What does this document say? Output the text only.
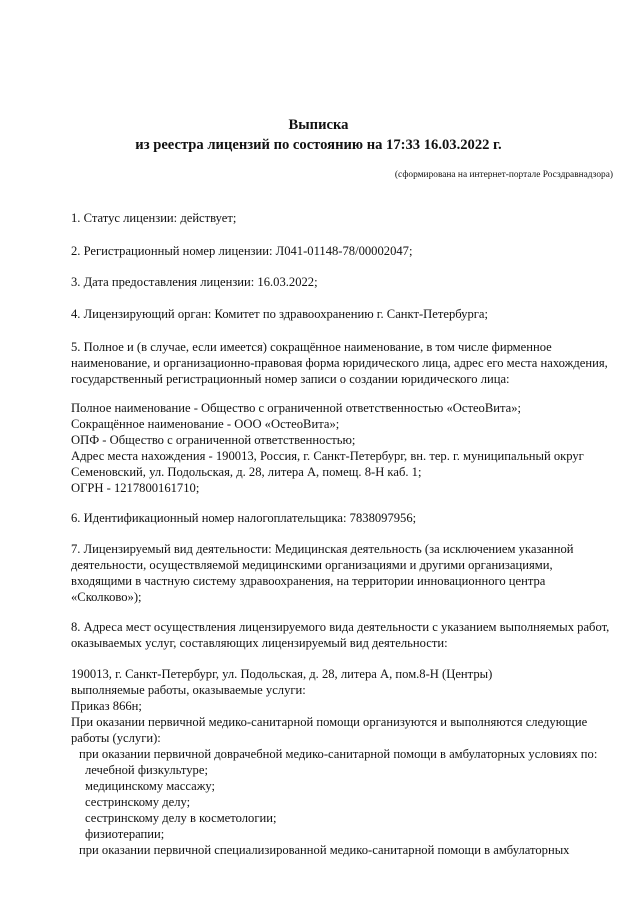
Выписка
из реестра лицензий по состоянию на 17:33 16.03.2022 г.
(сформирована на интернет-портале Росздравнадзора)

1. Статус лицензии: действует;

2. Регистрационный номер лицензии: Л041-01148-78/00002047;

3. Дата предоставления лицензии: 16.03.2022;

4. Лицензирующий орган: Комитет по здравоохранению г. Санкт-Петербурга;

5. Полное и (в случае, если имеется) сокращённое наименование, в том числе фирменное наименование, и организационно-правовая форма юридического лица, адрес его места нахождения, государственный регистрационный номер записи о создании юридического лица:

Полное наименование - Общество с ограниченной ответственностью «ОстеоВита»;
Сокращённое наименование - ООО «ОстеоВита»;
ОПФ - Общество с ограниченной ответственностью;
Адрес места нахождения - 190013, Россия, г. Санкт-Петербург, вн. тер. г. муниципальный округ Семеновский, ул. Подольская, д. 28, литера А, помещ. 8-Н каб. 1;
ОГРН - 1217800161710;

6. Идентификационный номер налогоплательщика: 7838097956;

7. Лицензируемый вид деятельности: Медицинская деятельность (за исключением указанной деятельности, осуществляемой медицинскими организациями и другими организациями, входящими в частную систему здравоохранения, на территории инновационного центра «Сколково»);

8. Адреса мест осуществления лицензируемого вида деятельности с указанием выполняемых работ, оказываемых услуг, составляющих лицензируемый вид деятельности:

190013, г. Санкт-Петербург, ул. Подольская, д. 28, литера А, пом.8-Н (Центры)
выполняемые работы, оказываемые услуги:
Приказ 866н;
При оказании первичной медико-санитарной помощи организуются и выполняются следующие работы (услуги):
при оказании первичной доврачебной медико-санитарной помощи в амбулаторных условиях по:
лечебной физкультуре;
медицинскому массажу;
сестринскому делу;
сестринскому делу в косметологии;
физиотерапии;
при оказании первичной специализированной медико-санитарной помощи в амбулаторных
